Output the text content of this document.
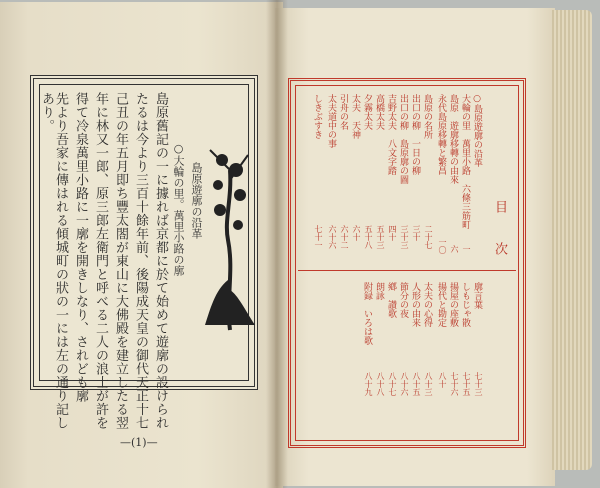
島原遊廓の沿革
○大輪の里。萬里小路の廓
島原舊記の一に據れば京都に於て始めて遊廓の設けられ
たるは今より三百十餘年前、後陽成天皇の御代天正十七
己丑の年五月即ち豐太閤が東山に大佛殿を建立したる翌
年に林又一郎、原三郎左衛門と呼べる二人の浪士が許を
得て冷泉萬里小路に一廓を開きしなり、されども廓
先より吾家に傳はれる傾城町の狀の一には左の通り記し
あり。
—(1)—
目　次
○島原遊廓の沿革
大輪の里　萬里小路　六條三筋町
一
島原　遊廓移轉の由來
六
永代島原移轉と繁昌
一〇
島原の名所
二十七
出口の柳　一日の柳
三十
出口の柳　島原廓の圖
三十三
吉野太夫　八文字踏
四十
高橋太夫
五十三
夕霧太夫
五十八
太夫　天神
六十
引舟の名
六十二
太夫道中の事
六十六
しきぶすき
七十一
廓言葉
七十三
しもじゃ散
七十五
揚屋の座敷
七十六
揚代と勘定
八十
太夫の心得
八十三
人形の由来
八十五
節分の夜
八十六
鄕　讃歌
八十七
朗詠
八十八
附録　いろは歌
八十九
